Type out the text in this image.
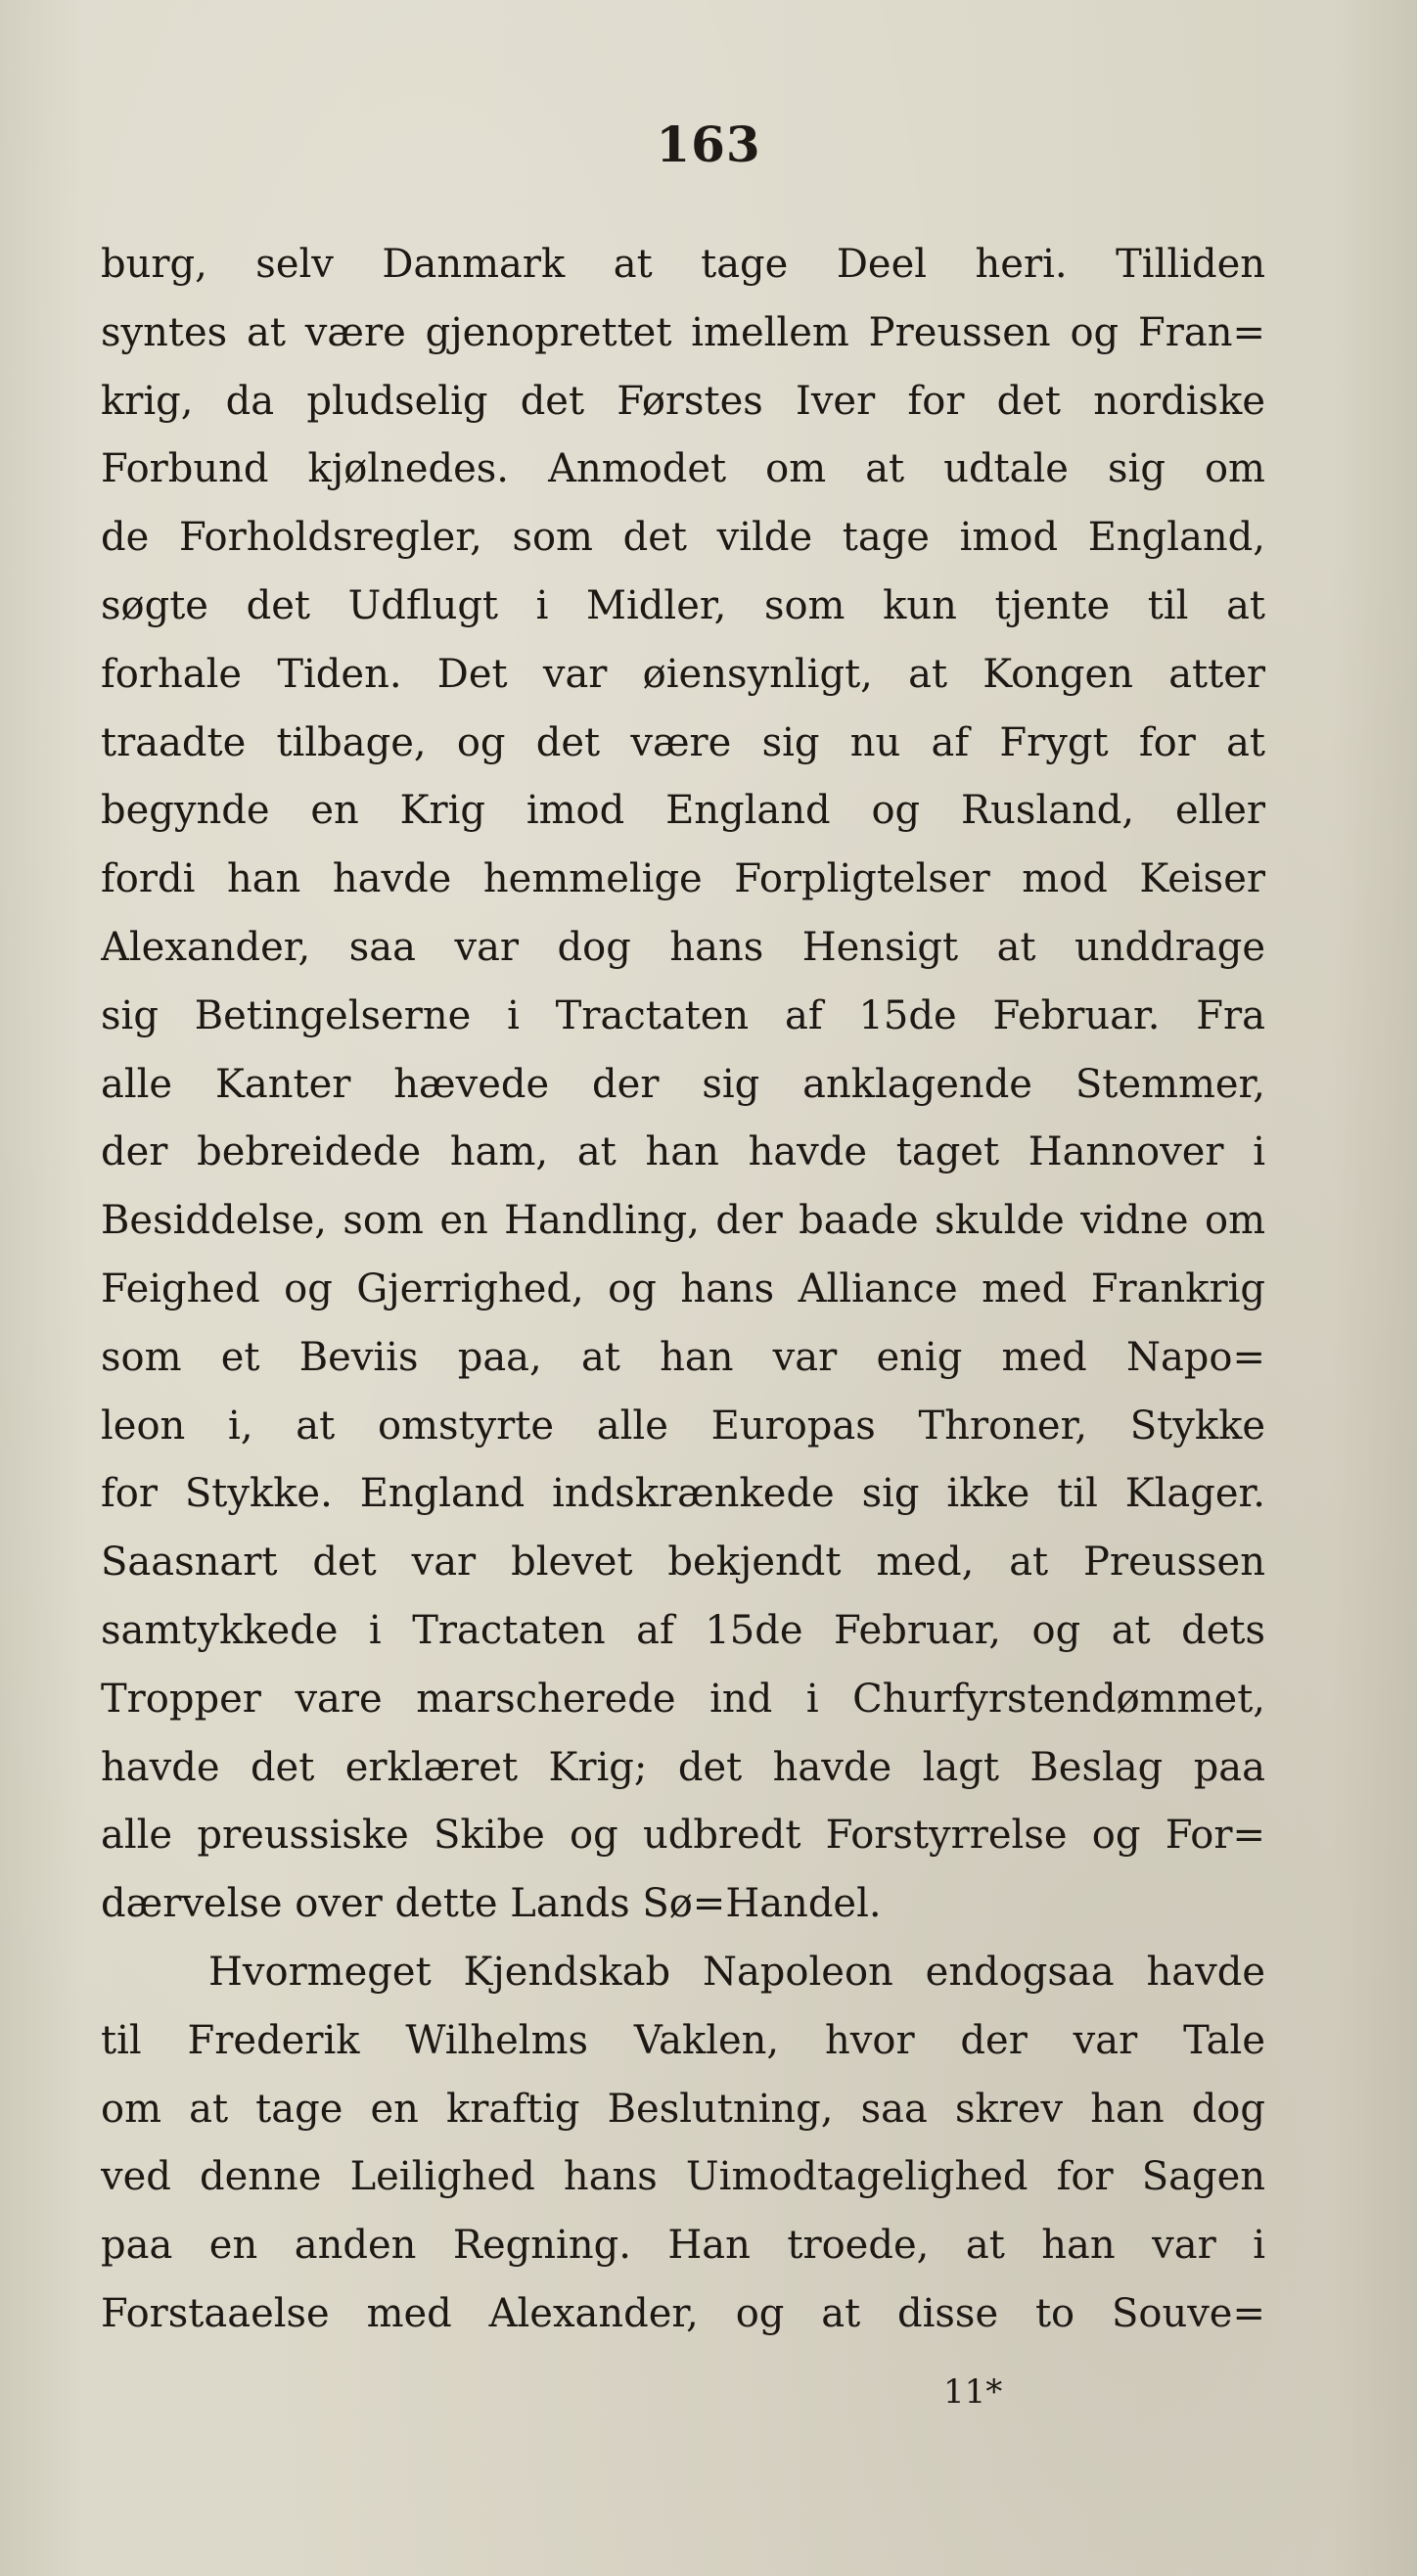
163
burg, selv Danmark at tage Deel heri. Tilliden
syntes at være gjenoprettet imellem Preussen og Fran=
krig, da pludselig det Førstes Iver for det nordiske
Forbund kjølnedes. Anmodet om at udtale sig om
de Forholdsregler, som det vilde tage imod England,
søgte det Udflugt i Midler, som kun tjente til at
forhale Tiden. Det var øiensynligt, at Kongen atter
traadte tilbage, og det være sig nu af Frygt for at
begynde en Krig imod England og Rusland, eller
fordi han havde hemmelige Forpligtelser mod Keiser
Alexander, saa var dog hans Hensigt at unddrage
sig Betingelserne i Tractaten af 15de Februar. Fra
alle Kanter hævede der sig anklagende Stemmer,
der bebreidede ham, at han havde taget Hannover i
Besiddelse, som en Handling, der baade skulde vidne om
Feighed og Gjerrighed, og hans Alliance med Frankrig
som et Beviis paa, at han var enig med Napo=
leon i, at omstyrte alle Europas Throner, Stykke
for Stykke. England indskrænkede sig ikke til Klager.
Saasnart det var blevet bekjendt med, at Preussen
samtykkede i Tractaten af 15de Februar, og at dets
Tropper vare marscherede ind i Churfyrstendømmet,
havde det erklæret Krig; det havde lagt Beslag paa
alle preussiske Skibe og udbredt Forstyrrelse og For=
dærvelse over dette Lands Sø=Handel.
Hvormeget Kjendskab Napoleon endogsaa havde
til Frederik Wilhelms Vaklen, hvor der var Tale
om at tage en kraftig Beslutning, saa skrev han dog
ved denne Leilighed hans Uimodtagelighed for Sagen
paa en anden Regning. Han troede, at han var i
Forstaaelse med Alexander, og at disse to Souve=
11*
